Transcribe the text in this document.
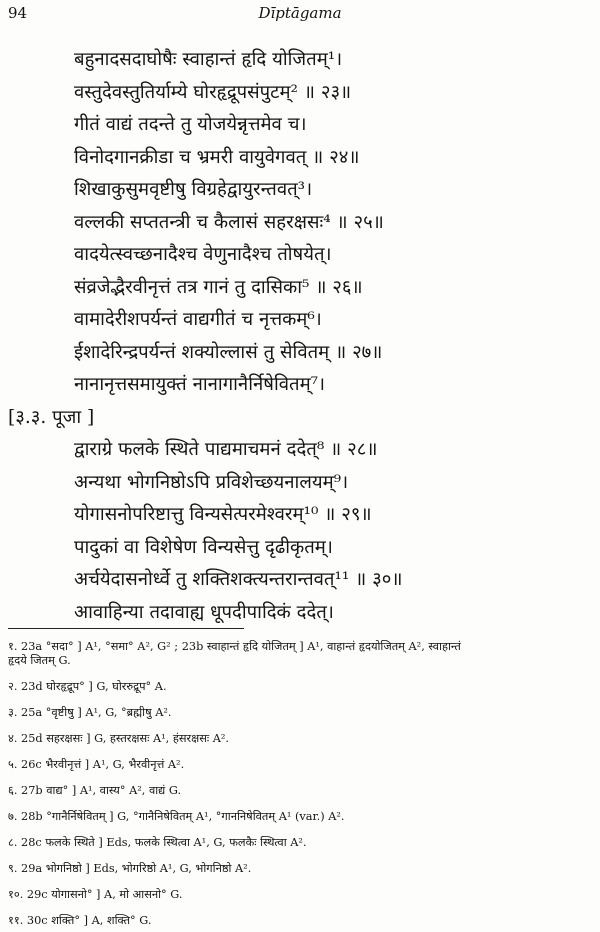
94	Dīptāgama
बहुनादसदाघोषैः स्वाहान्तं हृदि योजितम्¹।
वस्तुदेवस्तुतिर्याम्ये घोरहृद्रूपसंपुटम्² ॥ २३॥
गीतं वाद्यं तदन्ते तु योजयेन्नृत्तमेव च।
विनोदगानक्रीडा च भ्रमरी वायुवेगवत् ॥ २४॥
शिखाकुसुमवृष्टीषु विग्रहेद्वायुरन्तवत्³।
वल्लकी सप्ततन्त्री च कैलासं सहरक्षसः⁴ ॥ २५॥
वादयेत्स्वच्छनादैश्च वेणुनादैश्च तोषयेत्।
संव्रजेद्भैरवीनृत्तं तत्र गानं तु दासिका⁵ ॥ २६॥
वामादेरीशपर्यन्तं वाद्यगीतं च नृत्तकम्⁶।
ईशादेरिन्द्रपर्यन्तं शक्योल्लासं तु सेवितम् ॥ २७॥
नानानृत्तसमायुक्तं नानागानैर्निषेवितम्⁷।
[३.३. पूजा ]
द्वाराग्रे फलके स्थिते पाद्यमाचमनं ददेत्⁸ ॥ २८॥
अन्यथा भोगनिष्ठोऽपि प्रविशेच्छयनालयम्⁹।
योगासनोपरिष्टात्तु विन्यसेत्परमेश्वरम्¹⁰ ॥ २९॥
पादुकां वा विशेषेण विन्यसेत्तु दृढीकृतम्।
अर्चयेदासनोर्ध्वे तु शक्तिशक्त्यन्तरान्तवत्¹¹ ॥ ३०॥
आवाहिन्या तदावाह्य धूपदीपादिकं ददेत्।
१. 23a °सदा° ] A¹, °समा° A², G² ; 23b स्वाहान्तं हृदि योजितम् ] A¹, वाहान्तं हृदयोजितम् A², स्वाहान्तं
हृदये जितम् G.
२. 23d घोरहृद्रूप° ] G, घोररुद्रूप° A.
३. 25a °वृष्टीषु ] A¹, G, °ब्रह्मीषु A².
४. 25d सहरक्षसः ] G, हस्तरक्षसः A¹, हंसरक्षसः A².
५. 26c भैरवीनृत्तं ] A¹, G, भैरवीनृत्तं A².
६. 27b वाद्य° ] A¹, वास्य° A², वाद्यं G.
७. 28b °गानैर्निषेवितम् ] G, °गानैनिषेवितम् A¹, °गाननिषेवितम् A¹ (var.) A².
८. 28c फलके स्थिते ] Eds, फलके स्थित्वा A¹, G, फलकैः स्थित्वा A².
९. 29a भोगनिष्ठो ] Eds, भोगरिष्ठो A¹, G, भोगनिष्ठो A².
१०. 29c योगासनो° ] A, मो आसनो° G.
११. 30c शक्ति° ] A, शक्ति° G.
